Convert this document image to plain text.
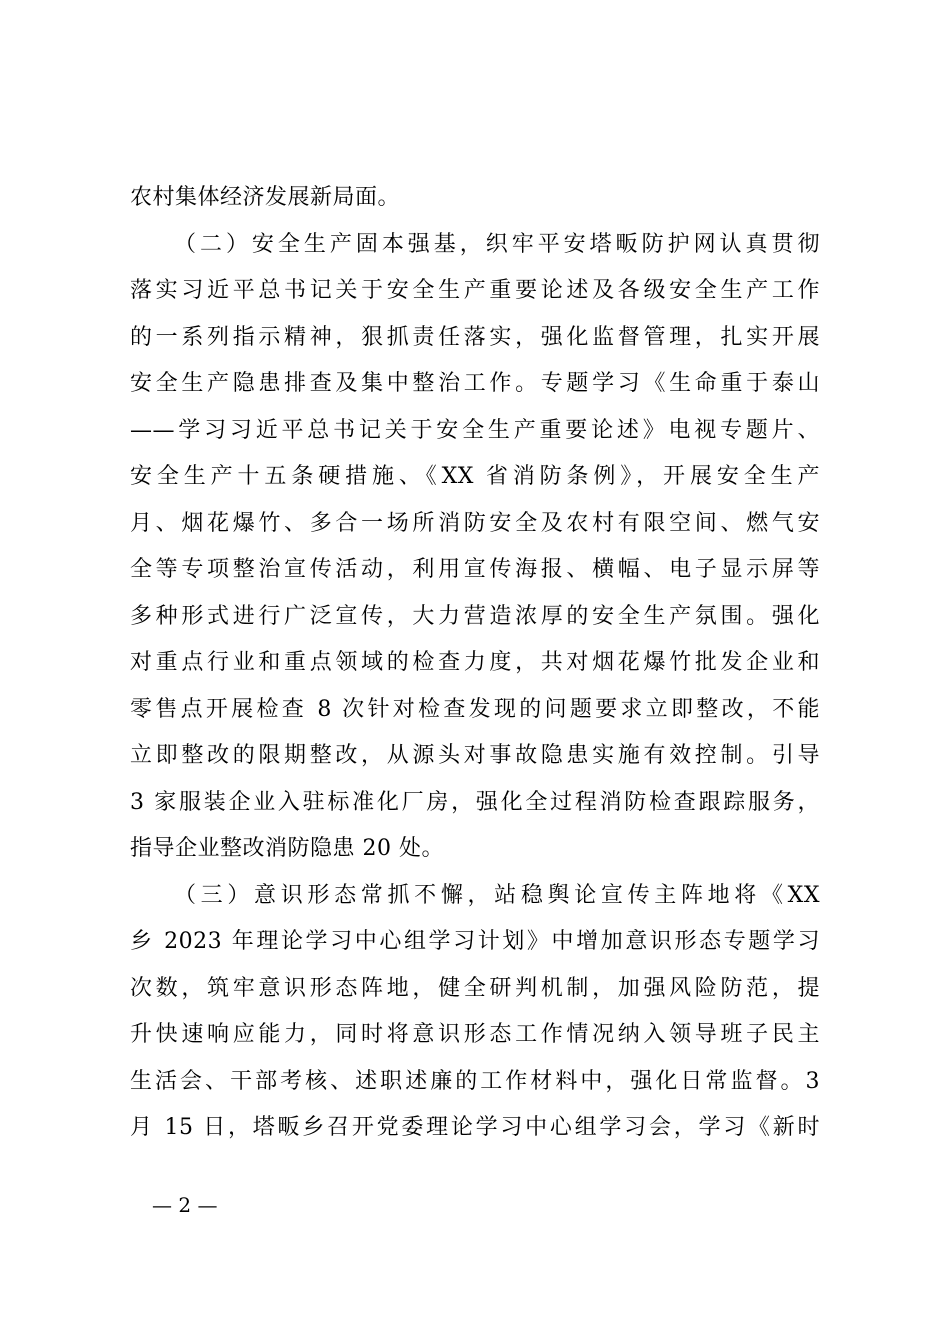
农村集体经济发展新局面。
（二）安全生产固本强基，织牢平安塔畈防护网认真贯彻
落实习近平总书记关于安全生产重要论述及各级安全生产工作
的一系列指示精神，狠抓责任落实，强化监督管理，扎实开展
安全生产隐患排查及集中整治工作。专题学习《生命重于泰山
——学习习近平总书记关于安全生产重要论述》电视专题片、
安全生产十五条硬措施、《XX 省消防条例》，开展安全生产
月、烟花爆竹、多合一场所消防安全及农村有限空间、燃气安
全等专项整治宣传活动，利用宣传海报、横幅、电子显示屏等
多种形式进行广泛宣传，大力营造浓厚的安全生产氛围。强化
对重点行业和重点领域的检查力度，共对烟花爆竹批发企业和
零售点开展检查 8 次针对检查发现的问题要求立即整改，不能
立即整改的限期整改，从源头对事故隐患实施有效控制。引导
3 家服装企业入驻标准化厂房，强化全过程消防检查跟踪服务，
指导企业整改消防隐患 20 处。
（三）意识形态常抓不懈，站稳舆论宣传主阵地将《XX
乡 2023 年理论学习中心组学习计划》中增加意识形态专题学习
次数，筑牢意识形态阵地，健全研判机制，加强风险防范，提
升快速响应能力，同时将意识形态工作情况纳入领导班子民主
生活会、干部考核、述职述廉的工作材料中，强化日常监督。3
月 15 日，塔畈乡召开党委理论学习中心组学习会，学习《新时
— 2 —
